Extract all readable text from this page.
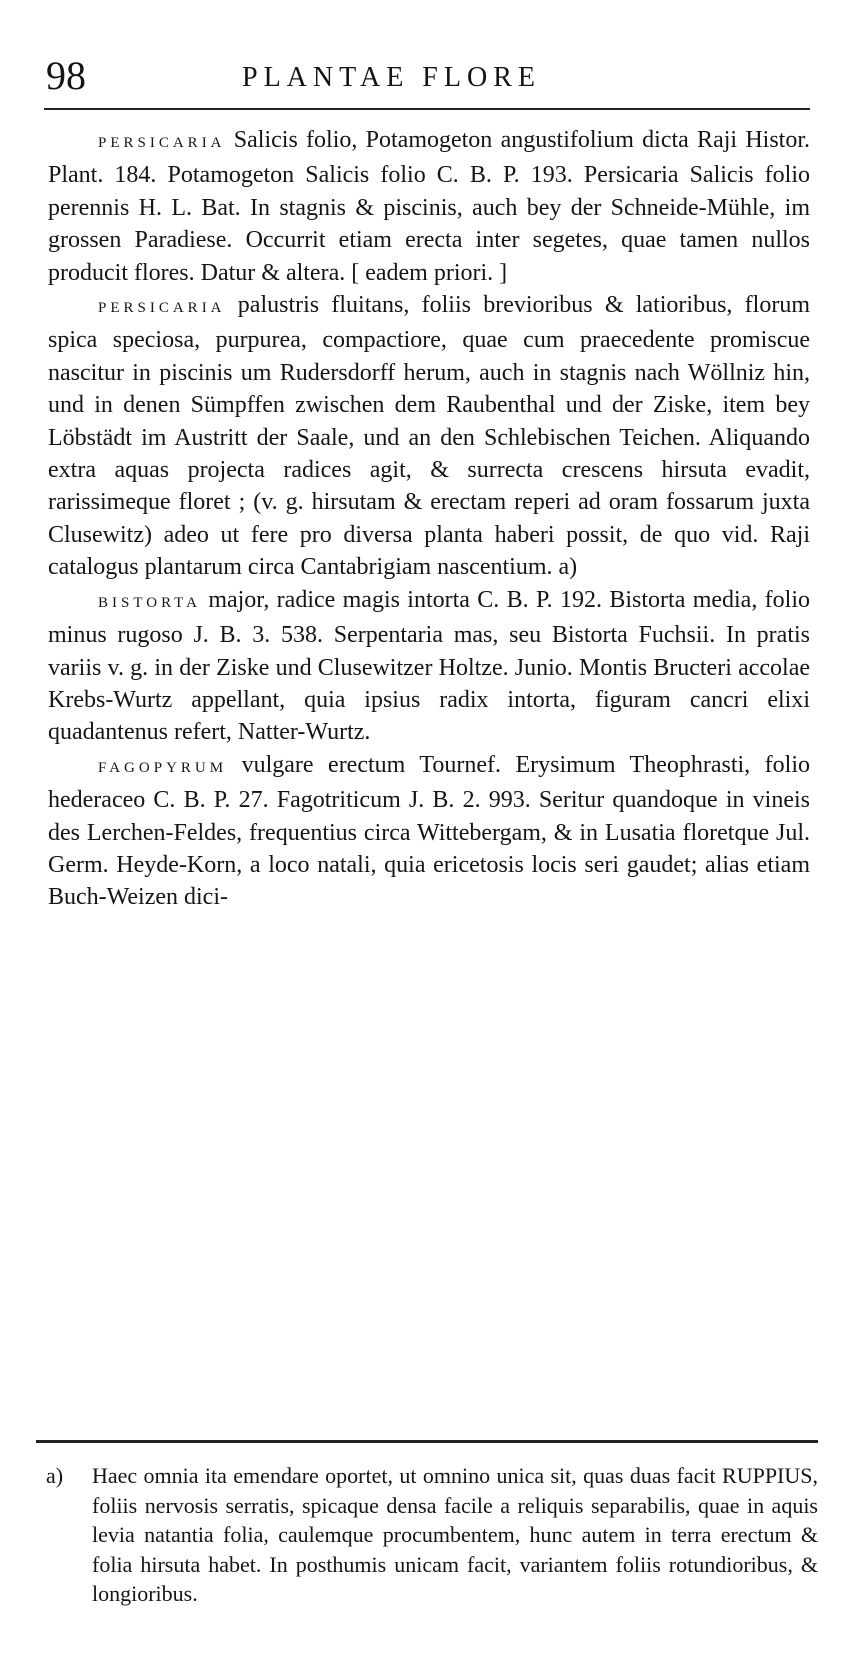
98	PLANTAE FLORE

PERSICARIA Salicis folio, Potamogeton angustifolium dicta Raji Histor. Plant. 184. Potamogeton Salicis folio C. B. P. 193. Persicaria Salicis folio perennis H. L. Bat. In stagnis & piscinis, auch bey der Schneide-Mühle, im grossen Paradiese. Occurrit etiam erecta inter segetes, quae tamen nullos producit flores. Datur & altera. [ eadem priori. ]

PERSICARIA palustris fluitans, foliis brevioribus & latioribus, florum spica speciosa, purpurea, compactiore, quae cum praecedente promiscue nascitur in piscinis um Rudersdorff herum, auch in stagnis nach Wöllniz hin, und in denen Sümpffen zwischen dem Raubenthal und der Ziske, item bey Löbstädt im Austritt der Saale, und an den Schlebischen Teichen. Aliquando extra aquas projecta radices agit, & surrecta crescens hirsuta evadit, rarissimeque floret ; (v. g. hirsutam & erectam reperi ad oram fossarum juxta Clusewitz) adeo ut fere pro diversa planta haberi possit, de quo vid. Raji catalogus plantarum circa Cantabrigiam nascentium. a)

BISTORTA major, radice magis intorta C. B. P. 192. Bistorta media, folio minus rugoso J. B. 3. 538. Serpentaria mas, seu Bistorta Fuchsii. In pratis variis v. g. in der Ziske und Clusewitzer Holtze. Junio. Montis Bructeri accolae Krebs-Wurtz appellant, quia ipsius radix intorta, figuram cancri elixi quadantenus refert, Natter-Wurtz.

FAGOPYRUM vulgare erectum Tournef. Erysimum Theophrasti, folio hederaceo C. B. P. 27. Fagotriticum J. B. 2. 993. Seritur quandoque in vineis des Lerchen-Feldes, frequentius circa Wittebergam, & in Lusatia floretque Jul. Germ. Heyde-Korn, a loco natali, quia ericetosis locis seri gaudet; alias etiam Buch-Weizen dici-

a) Haec omnia ita emendare oportet, ut omnino unica sit, quas duas facit RUPPIUS, foliis nervosis serratis, spicaque densa facile a reliquis separabilis, quae in aquis levia natantia folia, caulemque procumbentem, hunc autem in terra erectum & folia hirsuta habet. In posthumis unicam facit, variantem foliis rotundioribus, & longioribus.
